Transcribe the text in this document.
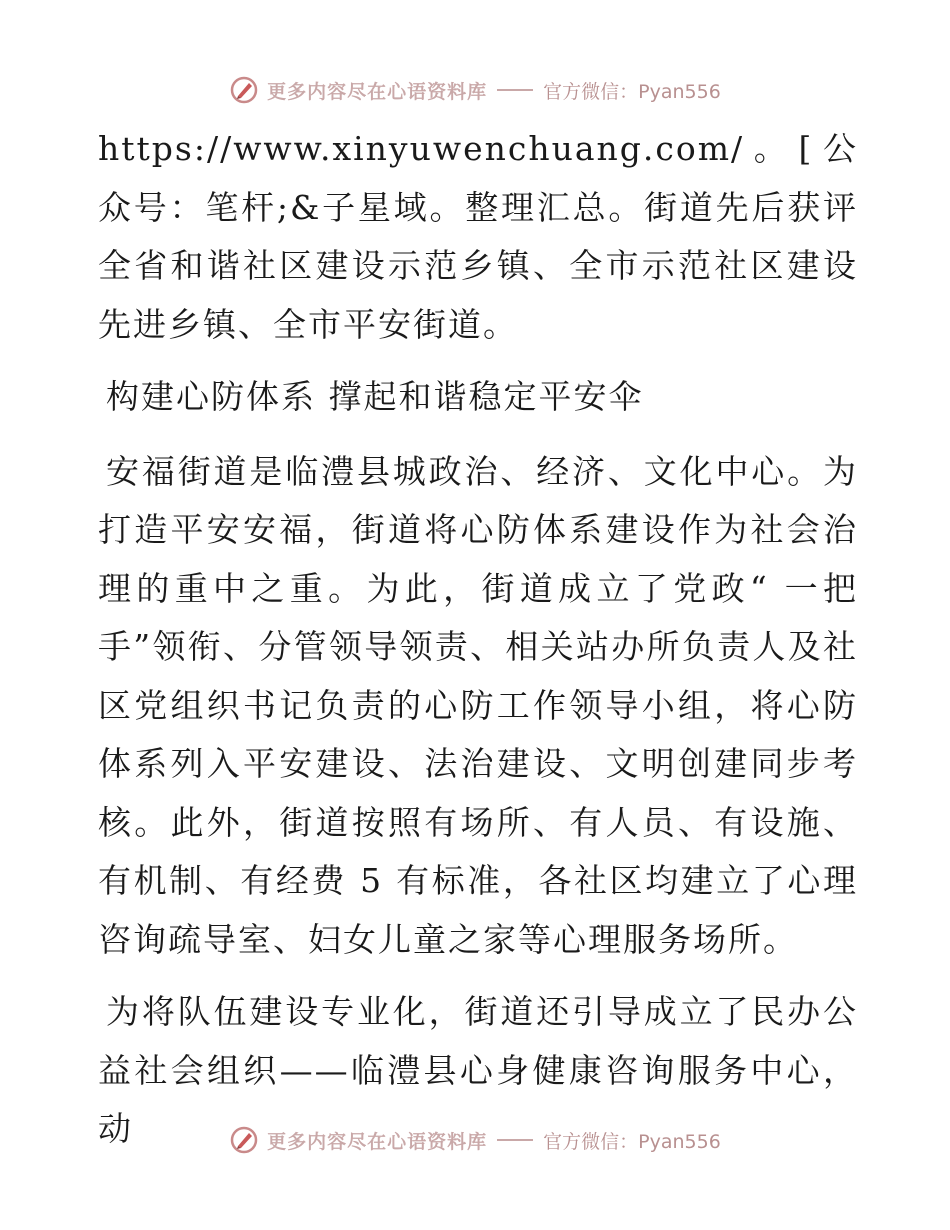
更多内容尽在心语资料库	官方微信：Pyan556

https://www.xinyuwenchuang.com/。[公众号：笔杆;&子星域。整理汇总。街道先后获评全省和谐社区建设示范乡镇、全市示范社区建设先进乡镇、全市平安街道。

构建心防体系 撑起和谐稳定平安伞

安福街道是临澧县城政治、经济、文化中心。为打造平安安福，街道将心防体系建设作为社会治理的重中之重。为此，街道成立了党政“ 一把手”领衔、分管领导领责、相关站办所负责人及社区党组织书记负责的心防工作领导小组，将心防体系列入平安建设、法治建设、文明创建同步考核。此外，街道按照有场所、有人员、有设施、有机制、有经费 5 有标准，各社区均建立了心理咨询疏导室、妇女儿童之家等心理服务场所。

为将队伍建设专业化，街道还引导成立了民办公益社会组织——临澧县心身健康咨询服务中心，动	更多内容尽在心语资料库	官方微信：Pyan556
